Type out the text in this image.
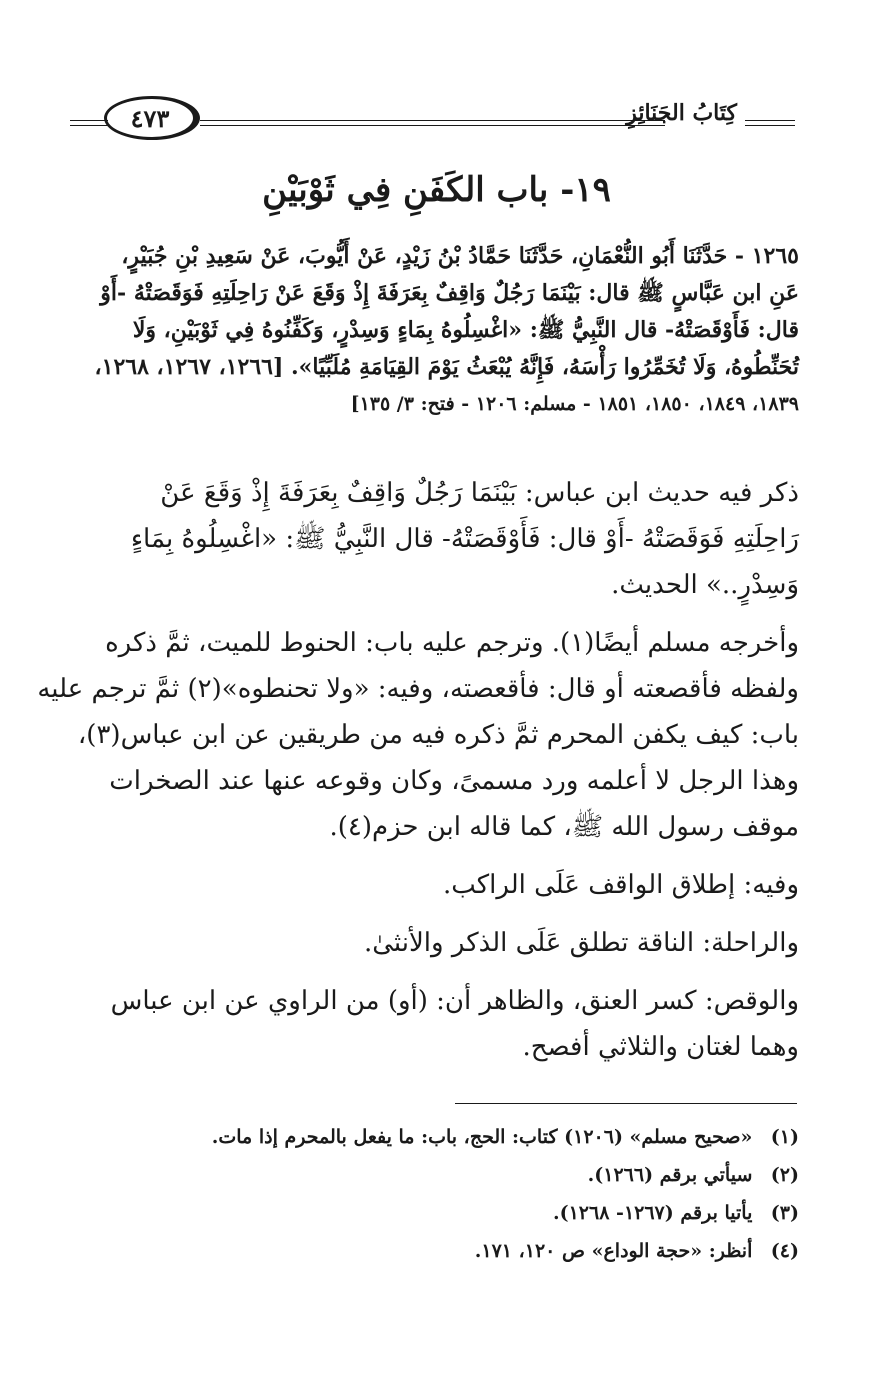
٤٧٣	كِتَابُ الجَنَائِزِ
١٩- باب الكَفَنِ فِي ثَوْبَيْنِ
١٢٦٥ - حَدَّثَنَا أَبُو النُّعْمَانِ، حَدَّثَنَا حَمَّادُ بْنُ زَيْدٍ، عَنْ أَيُّوبَ، عَنْ سَعِيدِ بْنِ جُبَيْرٍ،
عَنِ ابن عَبَّاسٍ ﷺ قال: بَيْنَمَا رَجُلٌ وَاقِفٌ بِعَرَفَةَ إِذْ وَقَعَ عَنْ رَاحِلَتِهِ فَوَقَصَتْهُ -أَوْ
قال: فَأَوْقَصَتْهُ- قال النَّبِيُّ ﷺ: «اغْسِلُوهُ بِمَاءٍ وَسِدْرٍ، وَكَفِّنُوهُ فِي ثَوْبَيْنِ، وَلَا
تُحَنِّطُوهُ، وَلَا تُخَمِّرُوا رَأْسَهُ، فَإِنَّهُ يُبْعَثُ يَوْمَ القِيَامَةِ مُلَبِّيًا». [١٢٦٦، ١٢٦٧، ١٢٦٨،
١٨٣٩، ١٨٤٩، ١٨٥٠، ١٨٥١ - مسلم: ١٢٠٦ - فتح: ٣/ ١٣٥]

ذكر فيه حديث ابن عباس: بَيْنَمَا رَجُلٌ وَاقِفٌ بِعَرَفَةَ إِذْ وَقَعَ عَنْ
رَاحِلَتِهِ فَوَقَصَتْهُ -أَوْ قال: فَأَوْقَصَتْهُ- قال النَّبِيُّ ﷺ: «اغْسِلُوهُ بِمَاءٍ
وَسِدْرٍ..» الحديث.

وأخرجه مسلم أيضًا(١). وترجم عليه باب: الحنوط للميت، ثمَّ ذكره
ولفظه فأقصعته أو قال: فأقعصته، وفيه: «ولا تحنطوه»(٢) ثمَّ ترجم عليه
باب: كيف يكفن المحرم ثمَّ ذكره فيه من طريقين عن ابن عباس(٣)،
وهذا الرجل لا أعلمه ورد مسمىً، وكان وقوعه عنها عند الصخرات
موقف رسول الله ﷺ، كما قاله ابن حزم(٤).

وفيه: إطلاق الواقف عَلَى الراكب.

والراحلة: الناقة تطلق عَلَى الذكر والأنثىٰ.

والوقص: كسر العنق، والظاهر أن: (أو) من الراوي عن ابن عباس
وهما لغتان والثلاثي أفصح.

(١) «صحيح مسلم» (١٢٠٦) كتاب: الحج، باب: ما يفعل بالمحرم إذا مات.
(٢) سيأتي برقم (١٢٦٦).
(٣) يأتيا برقم (١٢٦٧- ١٢٦٨).
(٤) أنظر: «حجة الوداع» ص ١٢٠، ١٧١.
